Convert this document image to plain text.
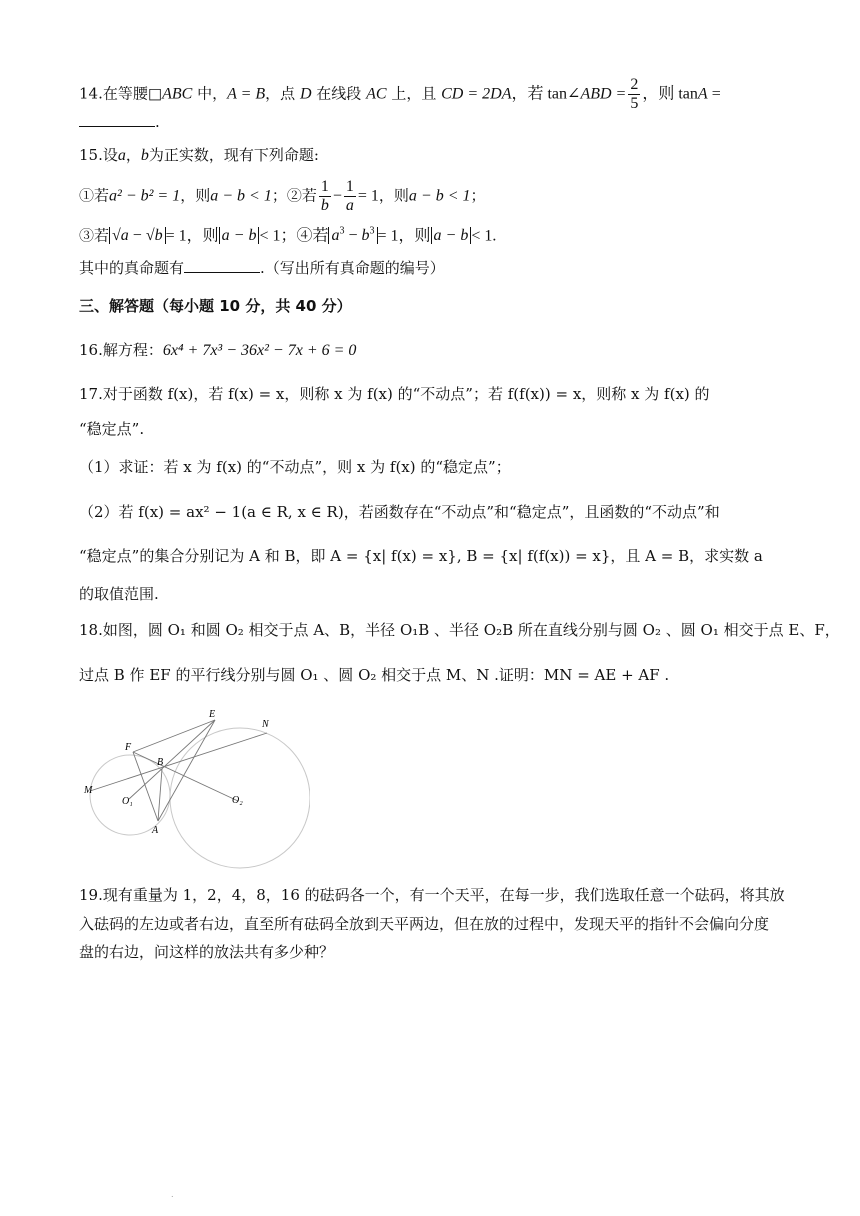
14.在等腰□ABC 中，A = B，点 D 在线段 AC 上，且 CD = 2DA，若 tan∠ABD = $\frac{2}{5}$ ，则 tanA =
.
15.设a，b为正实数，现有下列命题:
①若a² − b² = 1，则a − b < 1；②若 $\frac{1}{b} - \frac{1}{a} = 1$，则a − b < 1；
③若 √a − √b = 1，则 a − b < 1；④若 $a^3 - b^3 = 1$，则 a − b < 1.
其中的真命题有	.（写出所有真命题的编号）
三、解答题（每小题 10 分，共 40 分）
16.解方程：6x⁴ + 7x³ − 36x² − 7x + 6 = 0
17.对于函数 f(x)，若 f(x) = x，则称 x 为 f(x) 的“不动点”；若 f(f(x)) = x，则称 x 为 f(x) 的
“稳定点”.
（1）求证：若 x 为 f(x) 的“不动点”，则 x 为 f(x) 的“稳定点”；
（2）若 f(x) = ax² − 1(a ∈ R, x ∈ R)，若函数存在“不动点”和“稳定点”，且函数的“不动点”和
“稳定点”的集合分别记为 A 和 B，即 A = {x| f(x) = x}, B = {x| f(f(x)) = x}，且 A = B，求实数 a
的取值范围.
18.如图，圆 O₁ 和圆 O₂ 相交于点 A、B，半径 O₁B 、半径 O₂B 所在直线分别与圆 O₂ 、圆 O₁ 相交于点 E、F，
过点 B 作 EF 的平行线分别与圆 O₁ 、圆 O₂ 相交于点 M、N .证明：MN = AE + AF .
E
N
F
B
M
O₁	O₂
A
19.现有重量为 1，2，4，8，16 的砝码各一个，有一个天平，在每一步，我们选取任意一个砝码，将其放
入砝码的左边或者右边，直至所有砝码全放到天平两边，但在放的过程中，发现天平的指针不会偏向分度
盘的右边，问这样的放法共有多少种？
.
